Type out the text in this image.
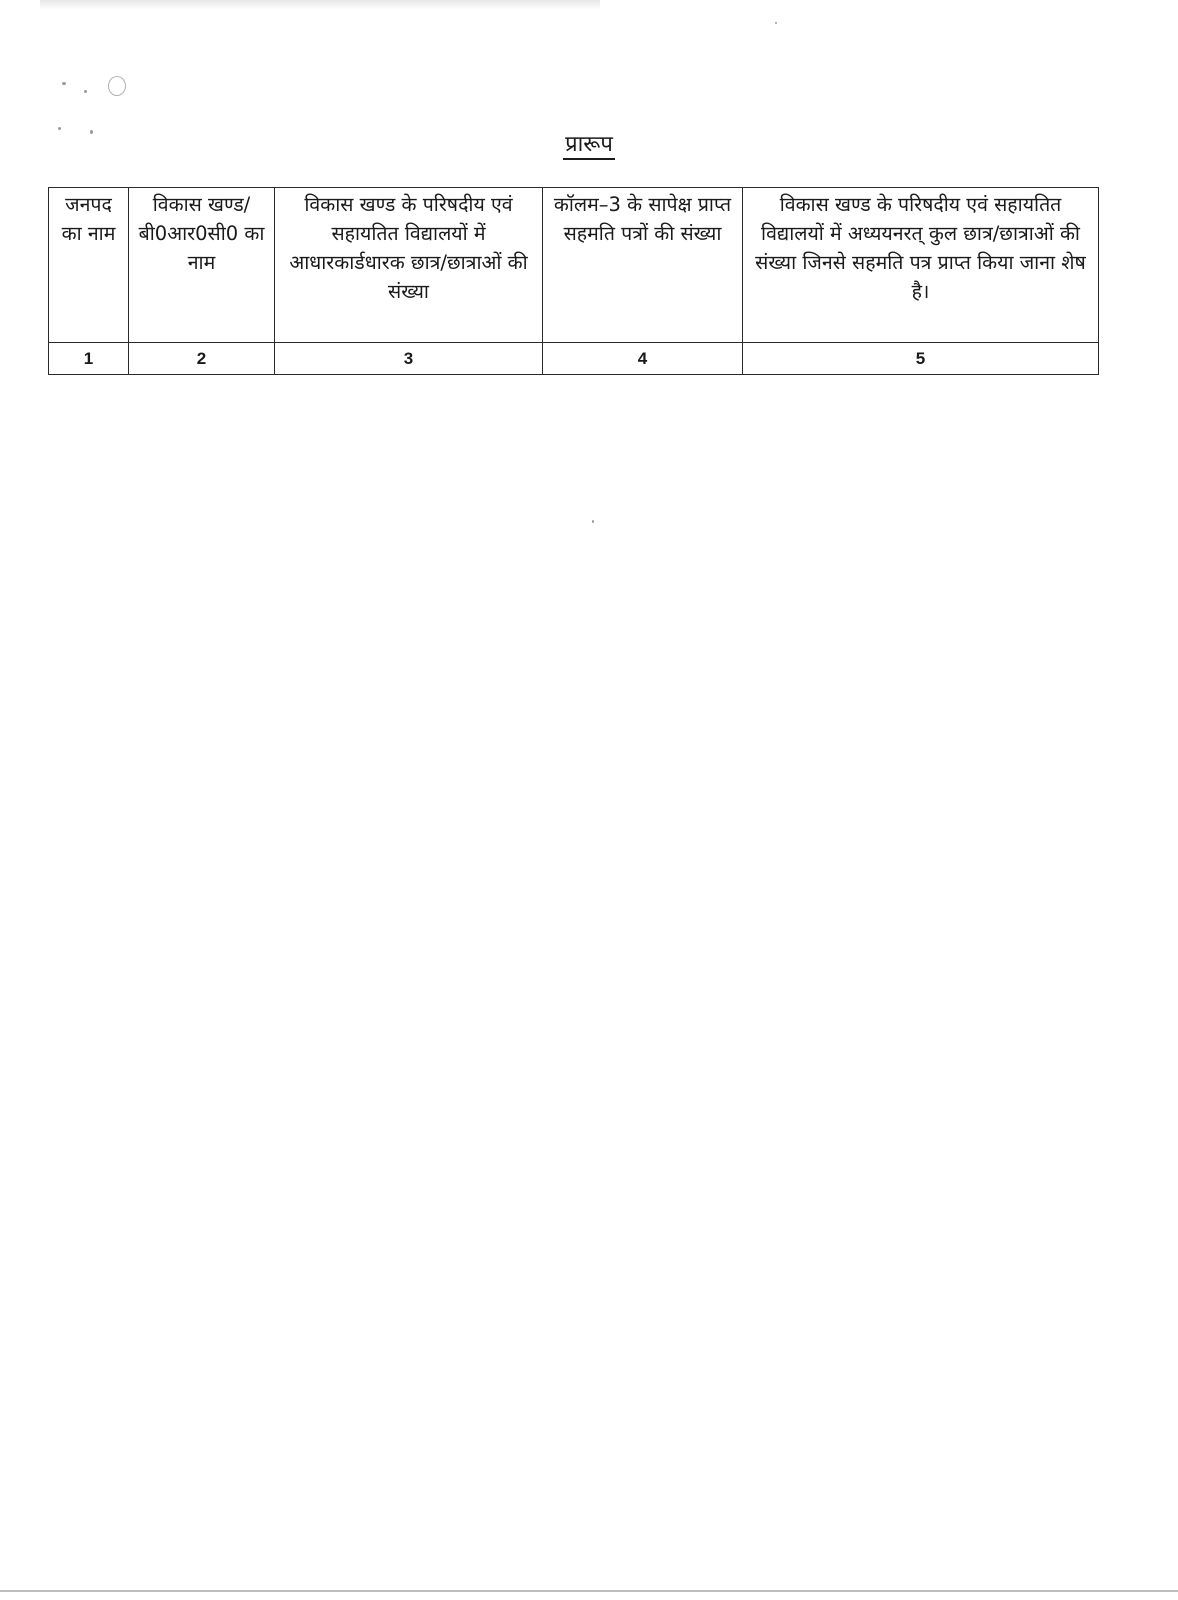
प्रारूप
जनपद का नाम	विकास खण्ड/ बी0आर0सी0 का नाम	विकास खण्ड के परिषदीय एवं सहायतित विद्यालयों में आधारकार्डधारक छात्र/छात्राओं की संख्या	कॉलम–3 के सापेक्ष प्राप्त सहमति पत्रों की संख्या	विकास खण्ड के परिषदीय एवं सहायतित विद्यालयों में अध्ययनरत् कुल छात्र/छात्राओं की संख्या जिनसे सहमति पत्र प्राप्त किया जाना शेष है।
1	2	3	4	5
